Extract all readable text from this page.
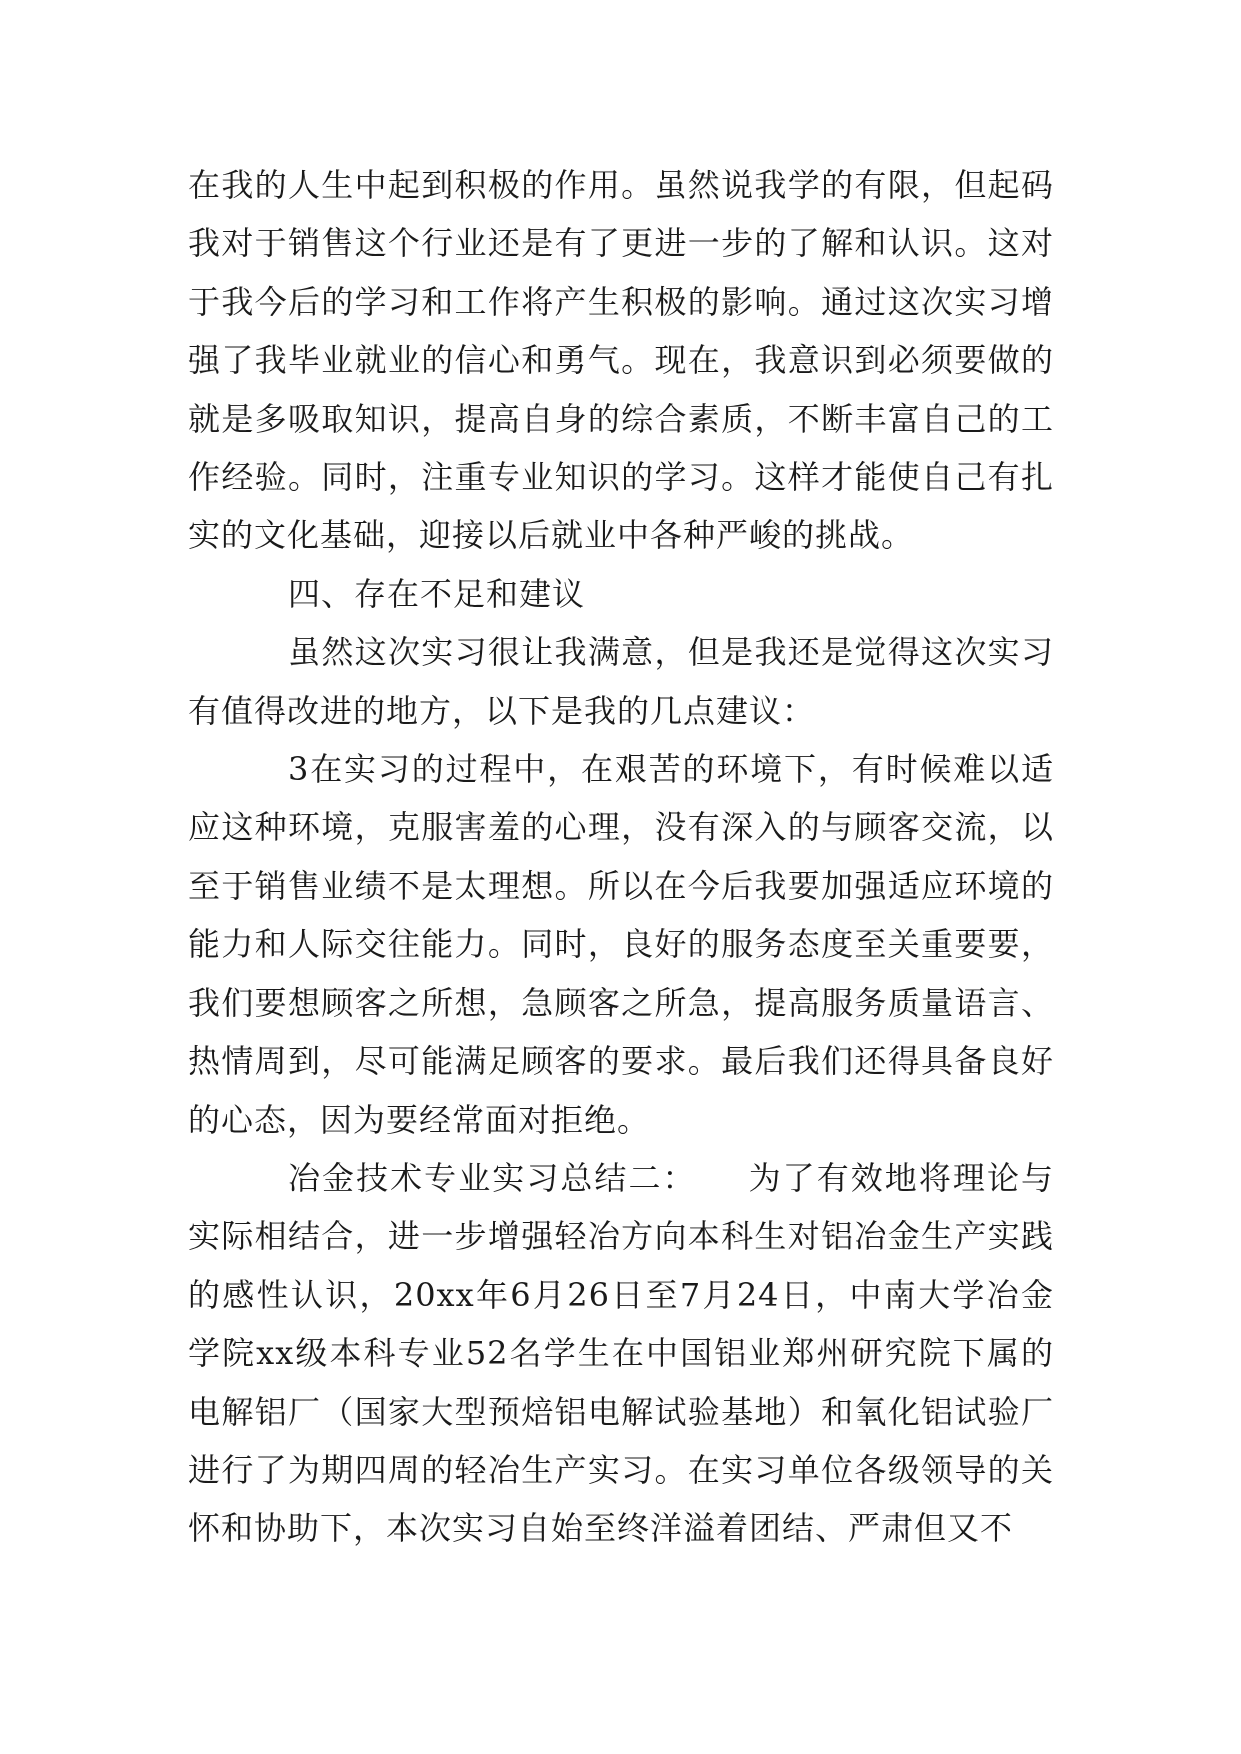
在我的人生中起到积极的作用。虽然说我学的有限，但起码我对于销售这个行业还是有了更进一步的了解和认识。这对于我今后的学习和工作将产生积极的影响。通过这次实习增强了我毕业就业的信心和勇气。现在，我意识到必须要做的就是多吸取知识，提高自身的综合素质，不断丰富自己的工作经验。同时，注重专业知识的学习。这样才能使自己有扎实的文化基础，迎接以后就业中各种严峻的挑战。

四、存在不足和建议

虽然这次实习很让我满意，但是我还是觉得这次实习有值得改进的地方，以下是我的几点建议：

3在实习的过程中，在艰苦的环境下，有时候难以适应这种环境，克服害羞的心理，没有深入的与顾客交流，以至于销售业绩不是太理想。所以在今后我要加强适应环境的能力和人际交往能力。同时，良好的服务态度至关重要要，我们要想顾客之所想，急顾客之所急，提高服务质量语言、热情周到，尽可能满足顾客的要求。最后我们还得具备良好的心态，因为要经常面对拒绝。

冶金技术专业实习总结二：　　为了有效地将理论与实际相结合，进一步增强轻冶方向本科生对铝冶金生产实践的感性认识，20xx年6月26日至7月24日，中南大学冶金学院xx级本科专业52名学生在中国铝业郑州研究院下属的电解铝厂（国家大型预焙铝电解试验基地）和氧化铝试验厂进行了为期四周的轻冶生产实习。在实习单位各级领导的关怀和协助下，本次实习自始至终洋溢着团结、严肃但又不
